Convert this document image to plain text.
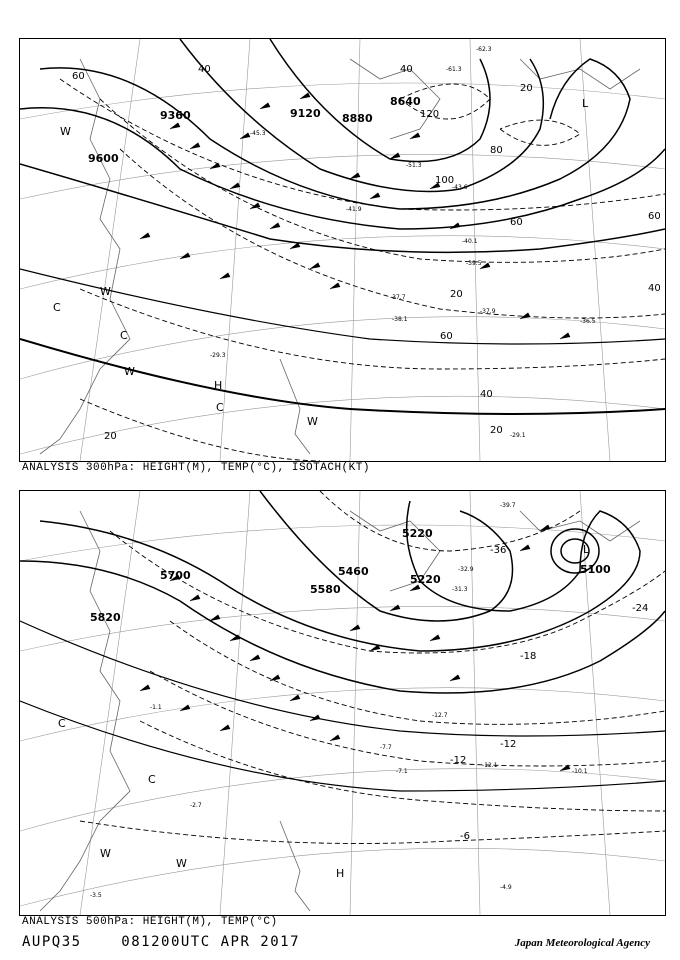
9600
9360	9120 8880
8640
60
40
20
80
100
120
40
60
20
60
40
20
40
60
20
L
H
C
C
C
W
W
W
W
-29.1
-29.3
-38.1
-37.9
-36.5
-39.5
-41.9
-45.3
-51.3
-61.3
-62.3
-40.1
-43.6
-37.7
ANALYSIS 300hPa: HEIGHT(M), TEMP(°C), ISOTACH(KT)
5820
5700
5580
5460
5220
5220
5100
-36
-24
-18
-12
-12
-6
L
H
C
C
W
W
-39.7
-32.9
-31.3
-12.7
-12.1
-10.1
-7.7
-7.1
-4.9
-3.5
-2.7
-1.1
ANALYSIS 500hPa: HEIGHT(M), TEMP(°C)
AUPQ35	081200UTC APR 2017	Japan Meteorological Agency
